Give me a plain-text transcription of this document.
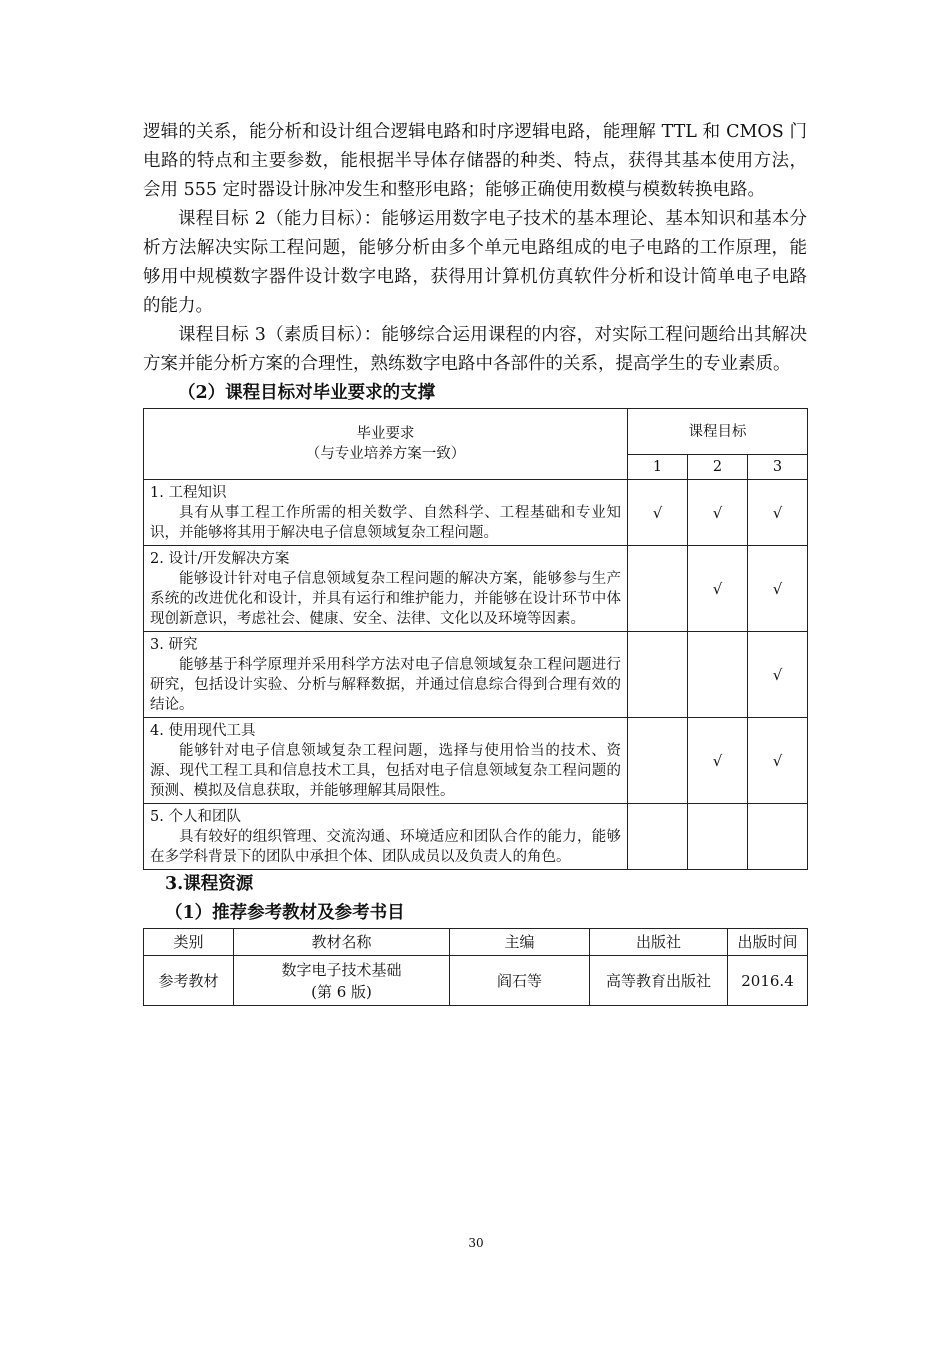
逻辑的关系，能分析和设计组合逻辑电路和时序逻辑电路，能理解 TTL 和 CMOS 门电路的特点和主要参数，能根据半导体存储器的种类、特点，获得其基本使用方法，会用 555 定时器设计脉冲发生和整形电路；能够正确使用数模与模数转换电路。

课程目标 2（能力目标）：能够运用数字电子技术的基本理论、基本知识和基本分析方法解决实际工程问题，能够分析由多个单元电路组成的电子电路的工作原理，能够用中规模数字器件设计数字电路，获得用计算机仿真软件分析和设计简单电子电路的能力。

课程目标 3（素质目标）：能够综合运用课程的内容，对实际工程问题给出其解决方案并能分析方案的合理性，熟练数字电路中各部件的关系，提高学生的专业素质。

（2）课程目标对毕业要求的支撑

毕业要求
（与专业培养方案一致）	课程目标		
	1	2	3

1. 工程知识
具有从事工程工作所需的相关数学、自然科学、工程基础和专业知识，并能够将其用于解决电子信息领域复杂工程问题。	√	√	√

2. 设计/开发解决方案
能够设计针对电子信息领域复杂工程问题的解决方案，能够参与生产系统的改进优化和设计，并具有运行和维护能力，并能够在设计环节中体现创新意识，考虑社会、健康、安全、法律、文化以及环境等因素。		√	√

3. 研究
能够基于科学原理并采用科学方法对电子信息领域复杂工程问题进行研究，包括设计实验、分析与解释数据，并通过信息综合得到合理有效的结论。			√

4. 使用现代工具
能够针对电子信息领域复杂工程问题，选择与使用恰当的技术、资源、现代工程工具和信息技术工具，包括对电子信息领域复杂工程问题的预测、模拟及信息获取，并能够理解其局限性。		√	√

5. 个人和团队
具有较好的组织管理、交流沟通、环境适应和团队合作的能力，能够在多学科背景下的团队中承担个体、团队成员以及负责人的角色。			

3.课程资源

（1）推荐参考教材及参考书目

类别	教材名称	主编	出版社	出版时间
参考教材	数字电子技术基础
(第 6 版)	阎石等	高等教育出版社	2016.4
30
